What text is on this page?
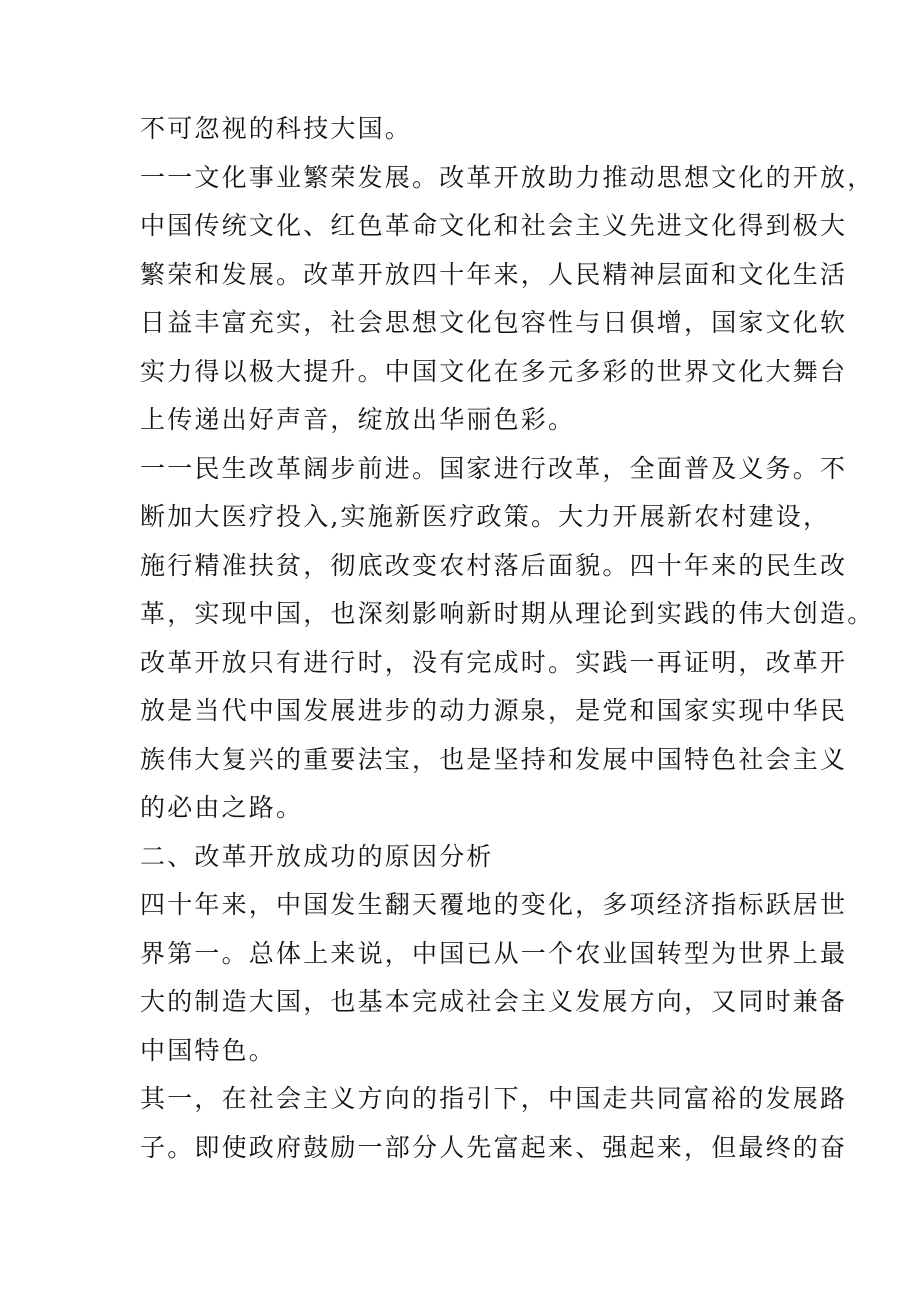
不可忽视的科技大国。
一一文化事业繁荣发展。改革开放助力推动思想文化的开放，
中国传统文化、红色革命文化和社会主义先进文化得到极大
繁荣和发展。改革开放四十年来，人民精神层面和文化生活
日益丰富充实，社会思想文化包容性与日俱增，国家文化软
实力得以极大提升。中国文化在多元多彩的世界文化大舞台
上传递出好声音，绽放出华丽色彩。
一一民生改革阔步前进。国家进行改革，全面普及义务。不
断加大医疗投入,实施新医疗政策。大力开展新农村建设，
施行精准扶贫，彻底改变农村落后面貌。四十年来的民生改
革，实现中国，也深刻影响新时期从理论到实践的伟大创造。
改革开放只有进行时，没有完成时。实践一再证明，改革开
放是当代中国发展进步的动力源泉，是党和国家实现中华民
族伟大复兴的重要法宝，也是坚持和发展中国特色社会主义
的必由之路。
二、改革开放成功的原因分析
四十年来，中国发生翻天覆地的变化，多项经济指标跃居世
界第一。总体上来说，中国已从一个农业国转型为世界上最
大的制造大国，也基本完成社会主义发展方向，又同时兼备
中国特色。
其一，在社会主义方向的指引下，中国走共同富裕的发展路
子。即使政府鼓励一部分人先富起来、强起来，但最终的奋
